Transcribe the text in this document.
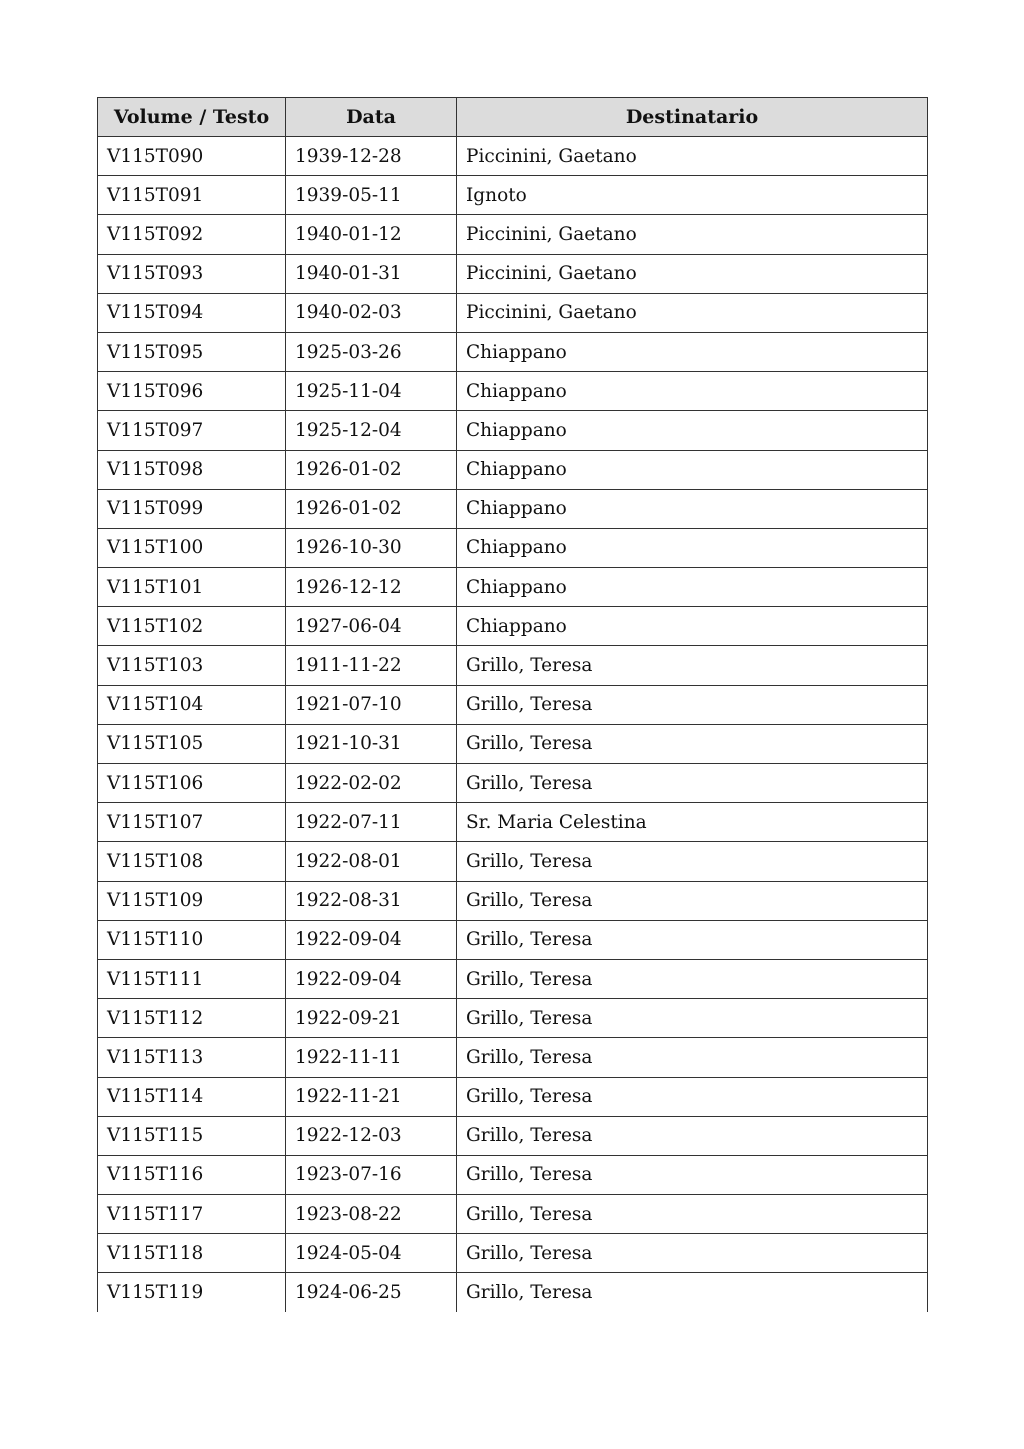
Volume / Testo	Data	Destinatario
V115T090	1939-12-28	Piccinini, Gaetano
V115T091	1939-05-11	Ignoto
V115T092	1940-01-12	Piccinini, Gaetano
V115T093	1940-01-31	Piccinini, Gaetano
V115T094	1940-02-03	Piccinini, Gaetano
V115T095	1925-03-26	Chiappano
V115T096	1925-11-04	Chiappano
V115T097	1925-12-04	Chiappano
V115T098	1926-01-02	Chiappano
V115T099	1926-01-02	Chiappano
V115T100	1926-10-30	Chiappano
V115T101	1926-12-12	Chiappano
V115T102	1927-06-04	Chiappano
V115T103	1911-11-22	Grillo, Teresa
V115T104	1921-07-10	Grillo, Teresa
V115T105	1921-10-31	Grillo, Teresa
V115T106	1922-02-02	Grillo, Teresa
V115T107	1922-07-11	Sr. Maria Celestina
V115T108	1922-08-01	Grillo, Teresa
V115T109	1922-08-31	Grillo, Teresa
V115T110	1922-09-04	Grillo, Teresa
V115T111	1922-09-04	Grillo, Teresa
V115T112	1922-09-21	Grillo, Teresa
V115T113	1922-11-11	Grillo, Teresa
V115T114	1922-11-21	Grillo, Teresa
V115T115	1922-12-03	Grillo, Teresa
V115T116	1923-07-16	Grillo, Teresa
V115T117	1923-08-22	Grillo, Teresa
V115T118	1924-05-04	Grillo, Teresa
V115T119	1924-06-25	Grillo, Teresa
